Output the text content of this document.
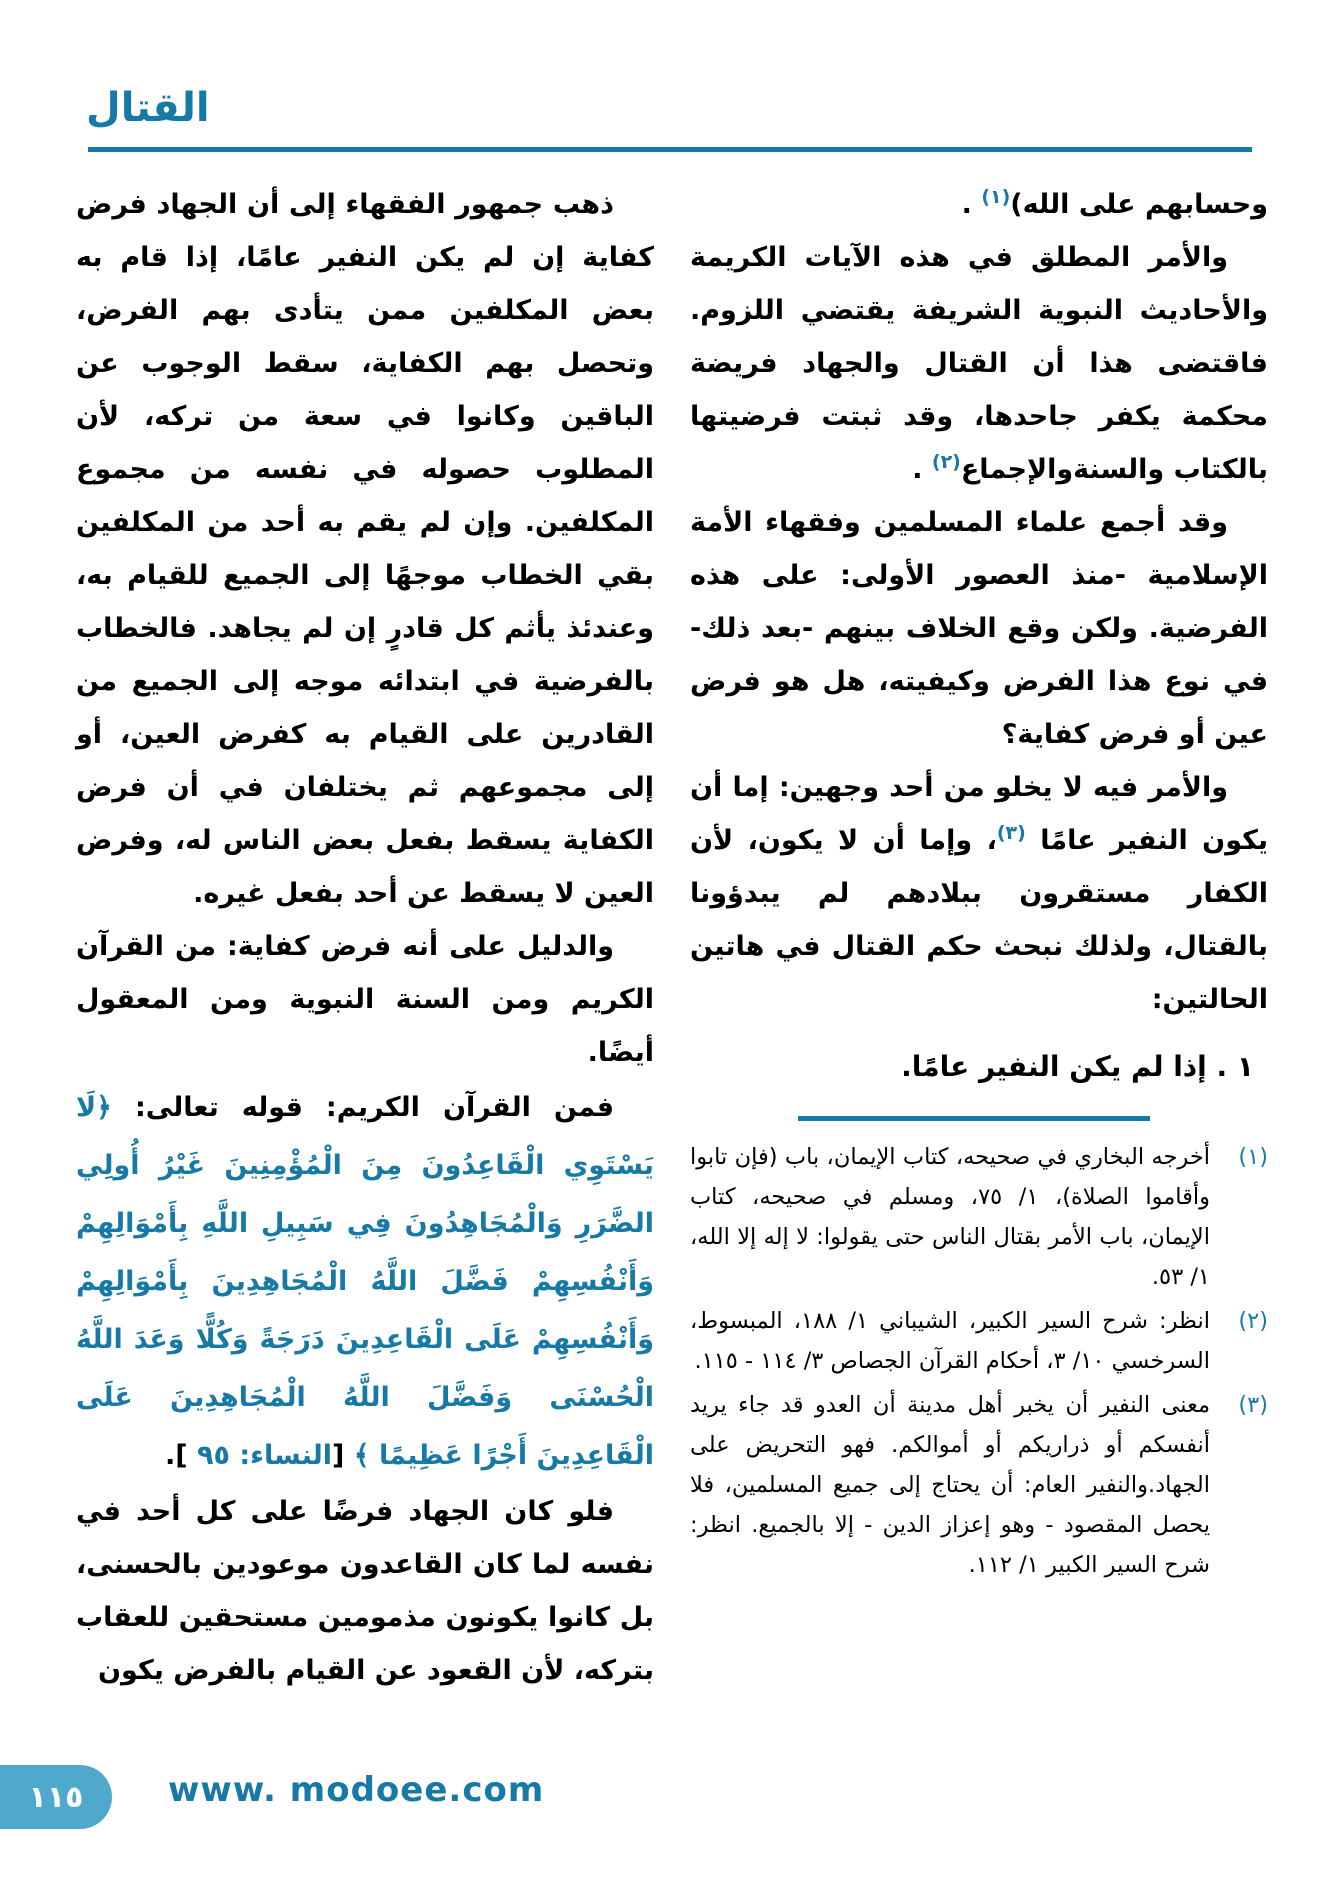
القتال

وحسابهم على الله)$^{(١)}$ .

والأمر المطلق في هذه الآيات الكريمة والأحاديث النبوية الشريفة يقتضي اللزوم. فاقتضى هذا أن القتال والجهاد فريضة محكمة يكفر جاحدها، وقد ثبتت فرضيتها بالكتاب والسنةوالإجماع$^{(٢)}$ .

وقد أجمع علماء المسلمين وفقهاء الأمة الإسلامية -منذ العصور الأولى: على هذه الفرضية. ولكن وقع الخلاف بينهم -بعد ذلك- في نوع هذا الفرض وكيفيته، هل هو فرض عين أو فرض كفاية؟

والأمر فيه لا يخلو من أحد وجهين: إما أن يكون النفير عامًا $^{(٣)}$، وإما أن لا يكون، لأن الكفار مستقرون ببلادهم لم يبدؤونا بالقتال، ولذلك نبحث حكم القتال في هاتين الحالتين:

١ . إذا لم يكن النفير عامًا.
(١)
أخرجه البخاري في صحيحه، كتاب الإيمان، باب (فإن تابوا وأقاموا الصلاة)، ١/ ٧٥، ومسلم في صحيحه، كتاب الإيمان، باب الأمر بقتال الناس حتى يقولوا: لا إله إلا الله، ١/ ٥٣.
(٢)
انظر: شرح السير الكبير، الشيباني ١/ ١٨٨، المبسوط، السرخسي ١٠/ ٣، أحكام القرآن الجصاص ٣/ ١١٤ - ١١٥.
(٣)
معنى النفير أن يخبر أهل مدينة أن العدو قد جاء يريد أنفسكم أو ذراريكم أو أموالكم. فهو التحريض على الجهاد.والنفير العام: أن يحتاج إلى جميع المسلمين، فلا يحصل المقصود - وهو إعزاز الدين - إلا بالجميع. انظر: شرح السير الكبير ١/ ١١٢.

ذهب جمهور الفقهاء إلى أن الجهاد فرض كفاية إن لم يكن النفير عامًا، إذا قام به بعض المكلفين ممن يتأدى بهم الفرض، وتحصل بهم الكفاية، سقط الوجوب عن الباقين وكانوا في سعة من تركه، لأن المطلوب حصوله في نفسه من مجموع المكلفين. وإن لم يقم به أحد من المكلفين بقي الخطاب موجهًا إلى الجميع للقيام به، وعندئذ يأثم كل قادرٍ إن لم يجاهد. فالخطاب بالفرضية في ابتدائه موجه إلى الجميع من القادرين على القيام به كفرض العين، أو إلى مجموعهم ثم يختلفان في أن فرض الكفاية يسقط بفعل بعض الناس له، وفرض العين لا يسقط عن أحد بفعل غيره.

والدليل على أنه فرض كفاية: من القرآن الكريم ومن السنة النبوية ومن المعقول أيضًا.

فمن القرآن الكريم: قوله تعالى: ﴿لَا يَسْتَوِي الْقَاعِدُونَ مِنَ الْمُؤْمِنِينَ غَيْرُ أُولِي الضَّرَرِ وَالْمُجَاهِدُونَ فِي سَبِيلِ اللَّهِ بِأَمْوَالِهِمْ وَأَنْفُسِهِمْ فَضَّلَ اللَّهُ الْمُجَاهِدِينَ بِأَمْوَالِهِمْ وَأَنْفُسِهِمْ عَلَى الْقَاعِدِينَ دَرَجَةً وَكُلًّا وَعَدَ اللَّهُ الْحُسْنَى وَفَضَّلَ اللَّهُ الْمُجَاهِدِينَ عَلَى الْقَاعِدِينَ أَجْرًا عَظِيمًا ﴾ [النساء: ٩٥ ].

فلو كان الجهاد فرضًا على كل أحد في نفسه لما كان القاعدون موعودين بالحسنى، بل كانوا يكونون مذمومين مستحقين للعقاب بتركه، لأن القعود عن القيام بالفرض يكون

١١٥ www. modoee.com
